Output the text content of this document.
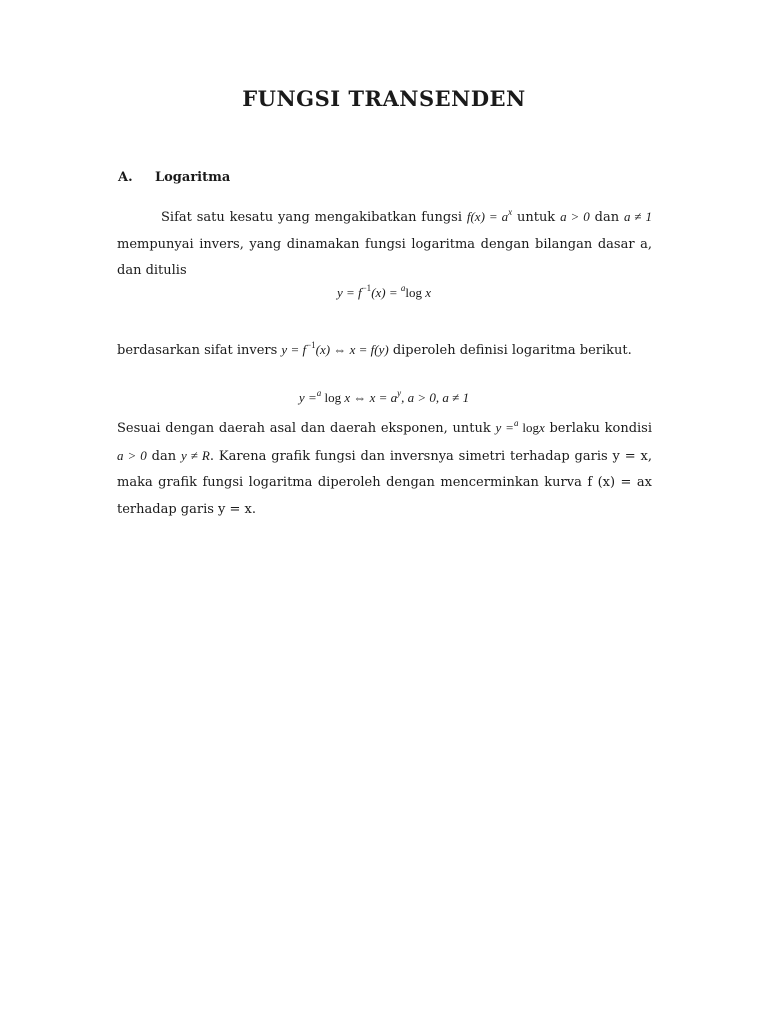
FUNGSI TRANSENDEN
A. Logaritma
Sifat satu kesatu yang mengakibatkan fungsi $f(x) = a^x$ untuk a > 0 dan a ≠ 1 mempunyai invers, yang dinamakan fungsi logaritma dengan bilangan dasar a, dan ditulis
$y = f^{-1}(x) = ^a\log$ x
berdasarkan sifat invers $y = f^{-1}(x)$ ⇔ x = f(y) diperoleh definisi logaritma berikut.
y =$^a$ log x ⇔ $x = a^y$, a > 0, a ≠ 1
Sesuai dengan daerah asal dan daerah eksponen, untuk y =$^a$ logx berlaku kondisi a > 0 dan y ≠ R. Karena grafik fungsi dan inversnya simetri terhadap garis y = x, maka grafik fungsi logaritma diperoleh dengan mencerminkan kurva f (x) = ax terhadap garis y = x.
